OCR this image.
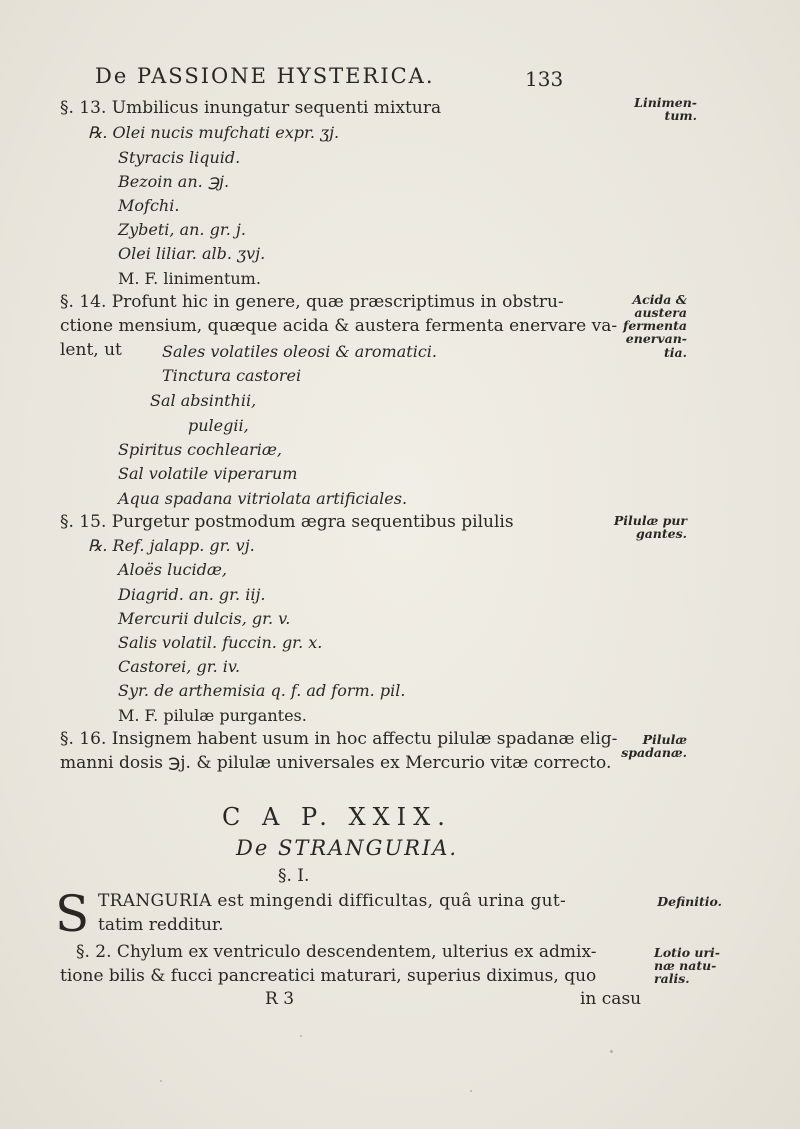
De PASSIONE HYSTERICA.	133
§. 13. Umbilicus inungatur sequenti mixtura
℞. Olei nucis mufchati expr. ʒj.
Styracis liquid.
Bezoin an. ℈j.
Mofchi.
Zybeti, an. gr. j.
Olei liliar. alb. ʒvj.
M. F. linimentum.
Linimen-
tum.
§. 14. Profunt hic in genere, quæ præscriptimus in obstru-
ctione mensium, quæque acida & austera fermenta enervare va-
lent, ut	Sales volatiles oleosi & aromatici.
Tinctura castorei
Sal absinthii,
pulegii,
Spiritus cochleariæ,
Sal volatile viperarum
Aqua spadana vitriolata artificiales.
Acida &
austera
fermenta
enervan-
tia.
§. 15. Purgetur postmodum ægra sequentibus pilulis
℞. Ref. jalapp. gr. vj.
Aloës lucidæ,
Diagrid. an. gr. iij.
Mercurii dulcis, gr. v.
Salis volatil. fuccin. gr. x.
Castorei, gr. iv.
Syr. de arthemisia q. f. ad form. pil.
M. F. pilulæ purgantes.
Pilulæ pur
gantes.
§. 16. Insignem habent usum in hoc affectu pilulæ spadanæ elig-
manni dosis ℈j. & pilulæ universales ex Mercurio vitæ correcto.
Pilulæ
spadanæ.
C A P. XXIX.
De STRANGURIA.
§. I.
S TRANGURIA est mingendi difficultas, quâ urina gut-
tatim redditur.
Definitio.
§. 2. Chylum ex ventriculo descendentem, ulterius ex admix-
tione bilis & fucci pancreatici maturari, superius diximus, quo
Lotio uri-
næ natu-
ralis.
R 3	in casu
